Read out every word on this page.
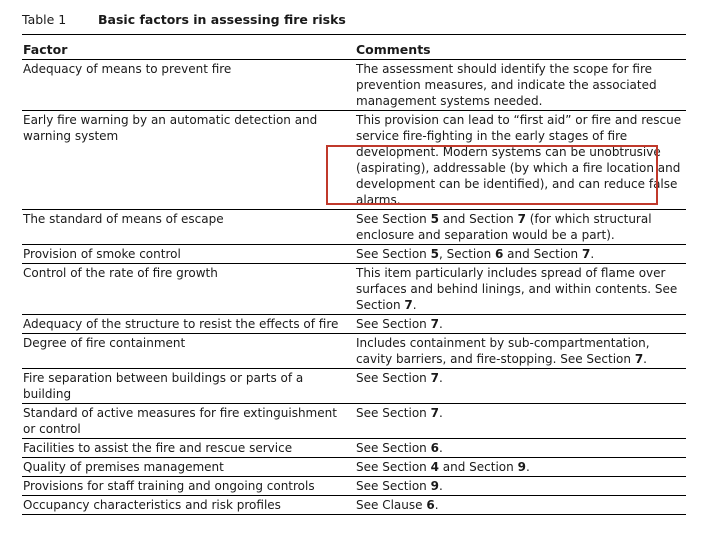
Table 1	Basic factors in assessing fire risks
Factor	Comments
Adequacy of means to prevent fire	The assessment should identify the scope for fire prevention measures, and indicate the associated management systems needed.
Early fire warning by an automatic detection and warning system	This provision can lead to “first aid” or fire and rescue service fire-fighting in the early stages of fire development. Modern systems can be unobtrusive (aspirating), addressable (by which a fire location and development can be identified), and can reduce false alarms.
The standard of means of escape	See Section 5 and Section 7 (for which structural enclosure and separation would be a part).
Provision of smoke control	See Section 5, Section 6 and Section 7.
Control of the rate of fire growth	This item particularly includes spread of flame over surfaces and behind linings, and within contents. See Section 7.
Adequacy of the structure to resist the effects of fire	See Section 7.
Degree of fire containment	Includes containment by sub-compartmentation, cavity barriers, and fire-stopping. See Section 7.
Fire separation between buildings or parts of a building	See Section 7.
Standard of active measures for fire extinguishment or control	See Section 7.
Facilities to assist the fire and rescue service	See Section 6.
Quality of premises management	See Section 4 and Section 9.
Provisions for staff training and ongoing controls	See Section 9.
Occupancy characteristics and risk profiles	See Clause 6.
